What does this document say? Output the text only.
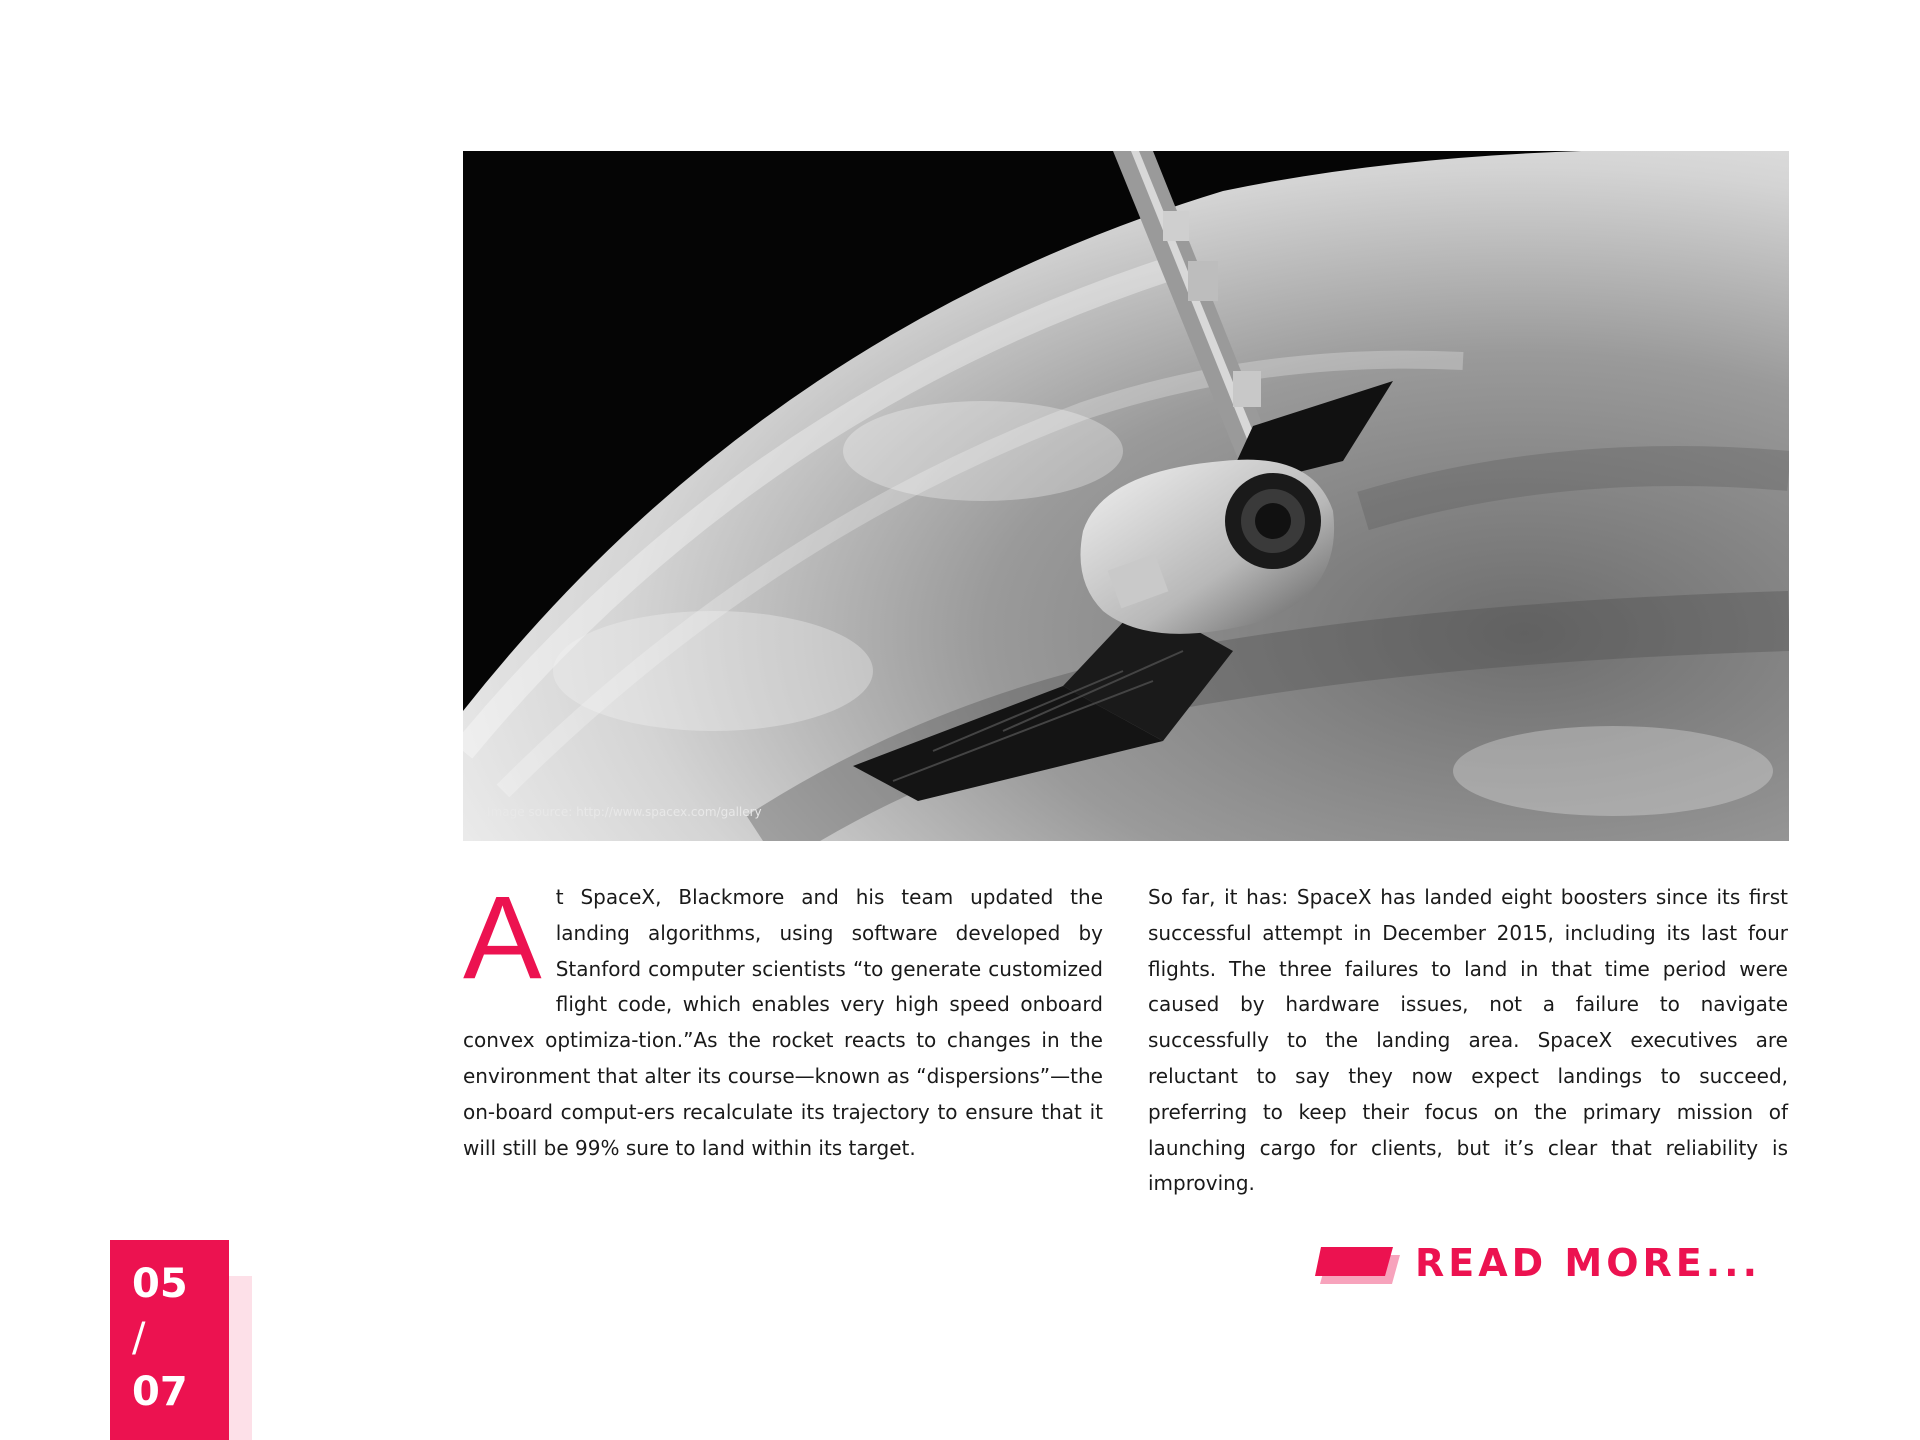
Image source: http://www.spacex.com/gallery
At SpaceX, Blackmore and his team updated the landing algorithms, using software developed by Stanford computer scientists “to generate customized flight code, which enables very high speed onboard convex optimiza-tion.”As the rocket reacts to changes in the environment that alter its course—known as “dispersions”—the on-board comput-ers recalculate its trajectory to ensure that it will still be 99% sure to land within its target.
So far, it has: SpaceX has landed eight boosters since its first successful attempt in December 2015, including its last four flights. The three failures to land in that time period were caused by hardware issues, not a failure to navigate successfully to the landing area. SpaceX executives are reluctant to say they now expect landings to succeed, preferring to keep their focus on the primary mission of launching cargo for clients, but it’s clear that reliability is improving.
READ MORE...
05
/
07
